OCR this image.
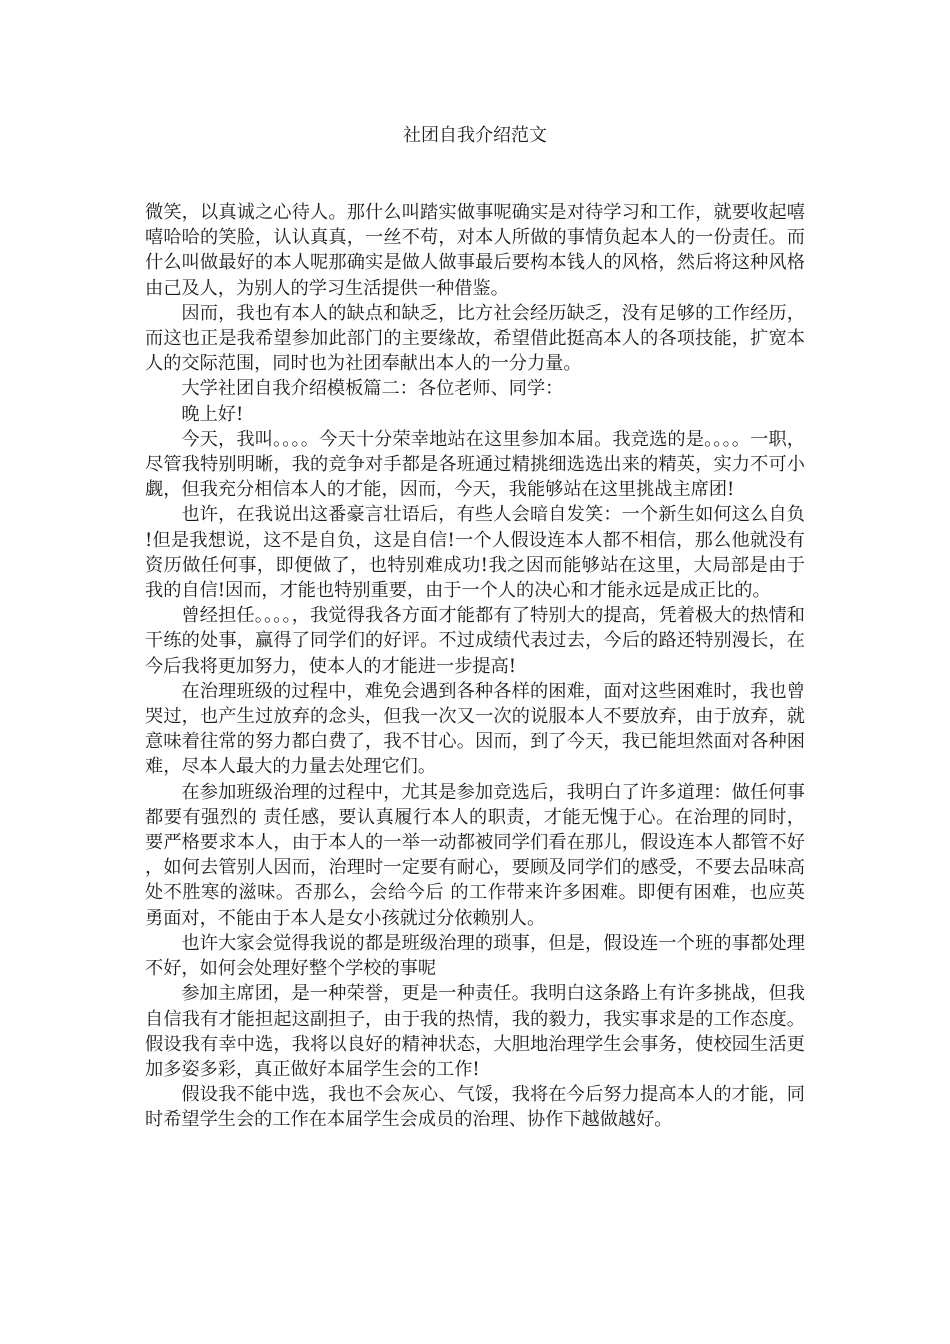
社团自我介绍范文

微笑，以真诚之心待人。那什么叫踏实做事呢确实是对待学习和工作，就要收起嘻嘻哈哈的笑脸，认认真真，一丝不苟，对本人所做的事情负起本人的一份责任。而什么叫做最好的本人呢那确实是做人做事最后要构本钱人的风格，然后将这种风格由己及人，为别人的学习生活提供一种借鉴。

因而，我也有本人的缺点和缺乏，比方社会经历缺乏，没有足够的工作经历，而这也正是我希望参加此部门的主要缘故，希望借此挺高本人的各项技能，扩宽本人的交际范围，同时也为社团奉献出本人的一分力量。

大学社团自我介绍模板篇二：各位老师、同学：

晚上好!

今天，我叫。。。。今天十分荣幸地站在这里参加本届。我竞选的是。。。。一职，尽管我特别明晰，我的竞争对手都是各班通过精挑细选选出来的精英，实力不可小觑，但我充分相信本人的才能，因而，今天，我能够站在这里挑战主席团!

也许，在我说出这番豪言壮语后，有些人会暗自发笑：一个新生如何这么自负!但是我想说，这不是自负，这是自信!一个人假设连本人都不相信，那么他就没有资历做任何事，即便做了，也特别难成功!我之因而能够站在这里，大局部是由于我的自信!因而，才能也特别重要，由于一个人的决心和才能永远是成正比的。

曾经担任。。。。，我觉得我各方面才能都有了特别大的提高，凭着极大的热情和干练的处事，赢得了同学们的好评。不过成绩代表过去，今后的路还特别漫长，在今后我将更加努力，使本人的才能进一步提高!

在治理班级的过程中，难免会遇到各种各样的困难，面对这些困难时，我也曾哭过，也产生过放弃的念头，但我一次又一次的说服本人不要放弃，由于放弃，就意味着往常的努力都白费了，我不甘心。因而，到了今天，我已能坦然面对各种困难，尽本人最大的力量去处理它们。

在参加班级治理的过程中，尤其是参加竞选后，我明白了许多道理：做任何事都要有强烈的 责任感，要认真履行本人的职责，才能无愧于心。在治理的同时，要严格要求本人，由于本人的一举一动都被同学们看在那儿，假设连本人都管不好，如何去管别人因而，治理时一定要有耐心，要顾及同学们的感受，不要去品味高处不胜寒的滋味。否那么，会给今后 的工作带来许多困难。即便有困难，也应英勇面对，不能由于本人是女小孩就过分依赖别人。

也许大家会觉得我说的都是班级治理的琐事，但是，假设连一个班的事都处理不好，如何会处理好整个学校的事呢

参加主席团，是一种荣誉，更是一种责任。我明白这条路上有许多挑战，但我自信我有才能担起这副担子，由于我的热情，我的毅力，我实事求是的工作态度。假设我有幸中选，我将以良好的精神状态，大胆地治理学生会事务，使校园生活更加多姿多彩，真正做好本届学生会的工作!

假设我不能中选，我也不会灰心、气馁，我将在今后努力提高本人的才能，同时希望学生会的工作在本届学生会成员的治理、协作下越做越好。
